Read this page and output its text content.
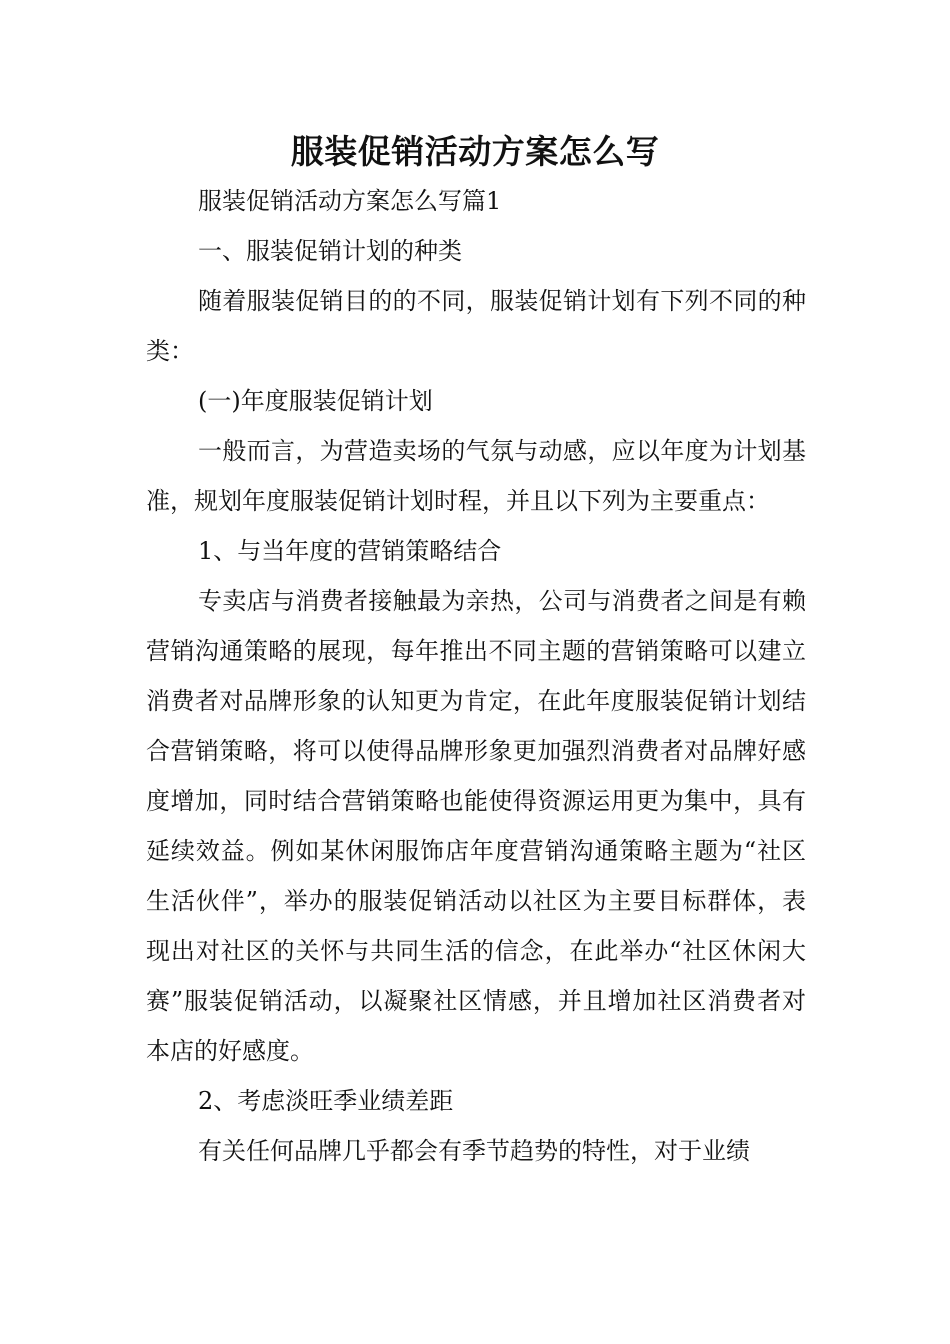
服装促销活动方案怎么写

服装促销活动方案怎么写篇1

一、服装促销计划的种类

随着服装促销目的的不同，服装促销计划有下列不同的种类：

(一)年度服装促销计划

一般而言，为营造卖场的气氛与动感，应以年度为计划基准，规划年度服装促销计划时程，并且以下列为主要重点：

1、与当年度的营销策略结合

专卖店与消费者接触最为亲热，公司与消费者之间是有赖营销沟通策略的展现，每年推出不同主题的营销策略可以建立消费者对品牌形象的认知更为肯定，在此年度服装促销计划结合营销策略，将可以使得品牌形象更加强烈消费者对品牌好感度增加，同时结合营销策略也能使得资源运用更为集中，具有延续效益。例如某休闲服饰店年度营销沟通策略主题为“社区生活伙伴”，举办的服装促销活动以社区为主要目标群体，表现出对社区的关怀与共同生活的信念，在此举办“社区休闲大赛”服装促销活动，以凝聚社区情感，并且增加社区消费者对本店的好感度。

2、考虑淡旺季业绩差距

有关任何品牌几乎都会有季节趋势的特性，对于业绩
